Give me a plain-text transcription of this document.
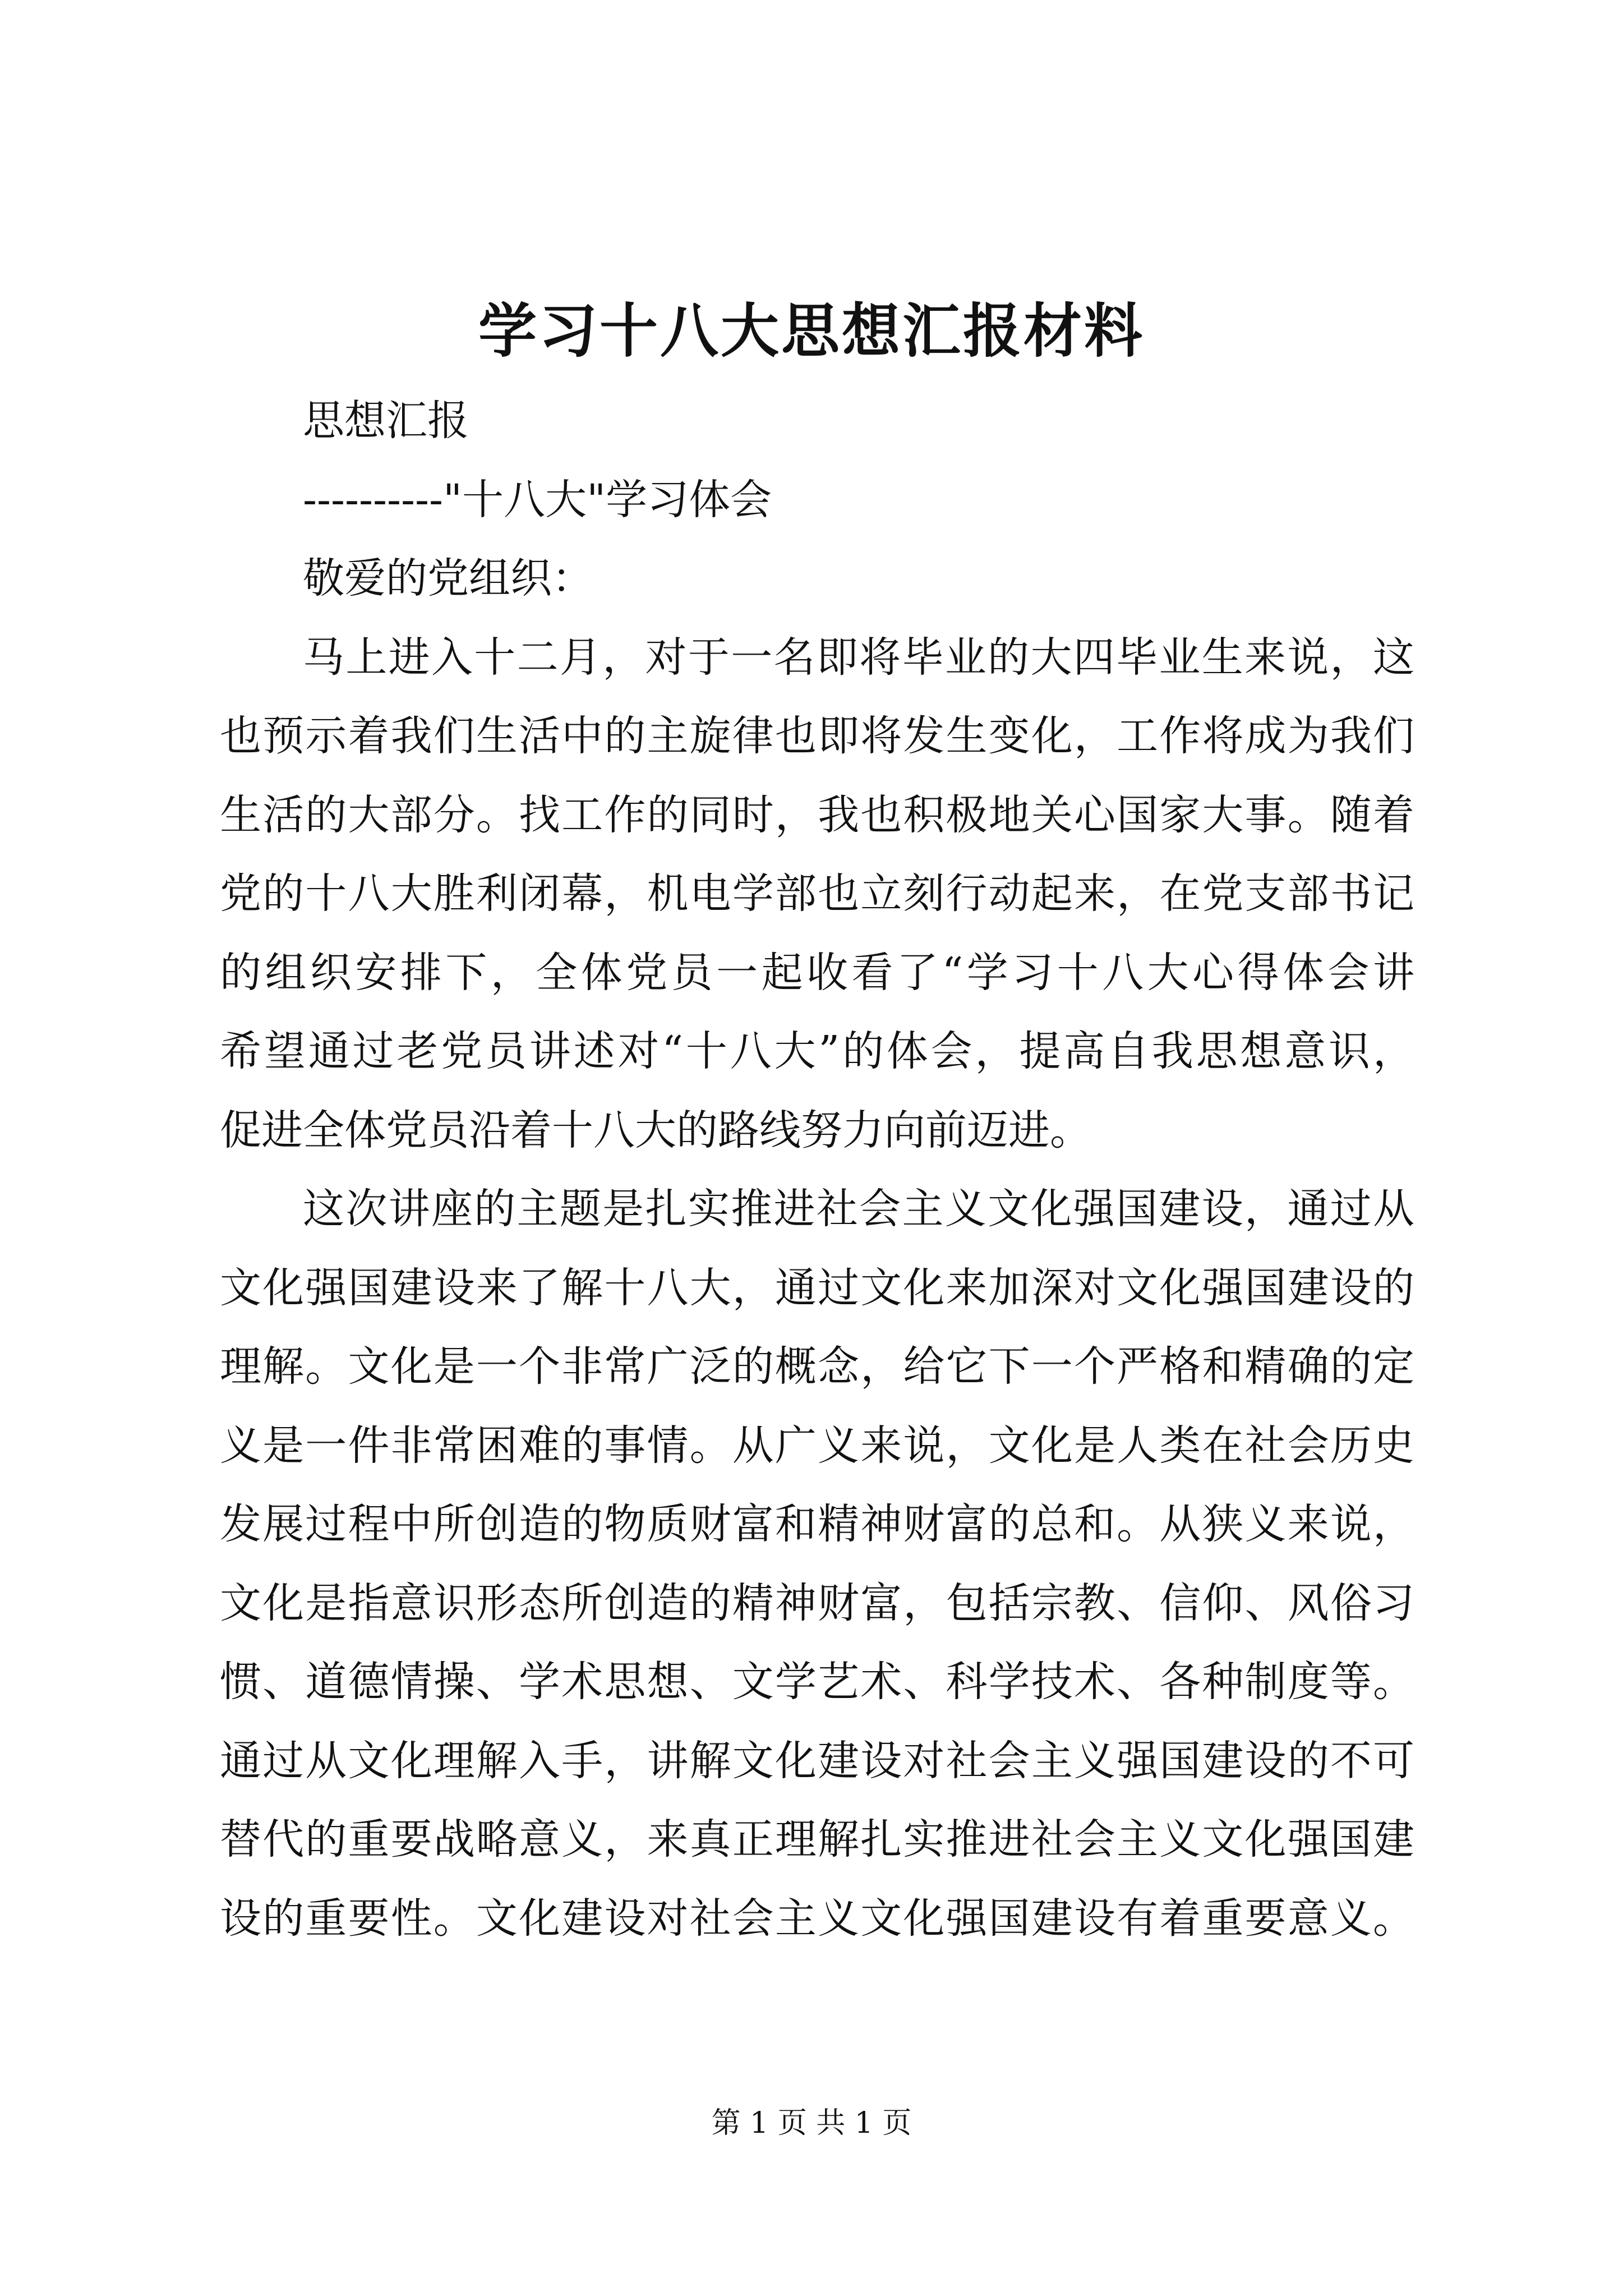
学习十八大思想汇报材料

思想汇报

----------"十八大"学习体会

敬爱的党组织：

马上进入十二月，对于一名即将毕业的大四毕业生来说，这

也预示着我们生活中的主旋律也即将发生变化，工作将成为我们

生活的大部分。找工作的同时，我也积极地关心国家大事。随着

党的十八大胜利闭幕，机电学部也立刻行动起来，在党支部书记

的组织安排下，全体党员一起收看了“学习十八大心得体会讲

希望通过老党员讲述对“十八大”的体会，提高自我思想意识，

促进全体党员沿着十八大的路线努力向前迈进。

这次讲座的主题是扎实推进社会主义文化强国建设，通过从

文化强国建设来了解十八大，通过文化来加深对文化强国建设的

理解。文化是一个非常广泛的概念，给它下一个严格和精确的定

义是一件非常困难的事情。从广义来说，文化是人类在社会历史

发展过程中所创造的物质财富和精神财富的总和。从狭义来说，

文化是指意识形态所创造的精神财富，包括宗教、信仰、风俗习

惯、道德情操、学术思想、文学艺术、科学技术、各种制度等。

通过从文化理解入手，讲解文化建设对社会主义强国建设的不可

替代的重要战略意义，来真正理解扎实推进社会主义文化强国建

设的重要性。文化建设对社会主义文化强国建设有着重要意义。

第 1 页 共 1 页
